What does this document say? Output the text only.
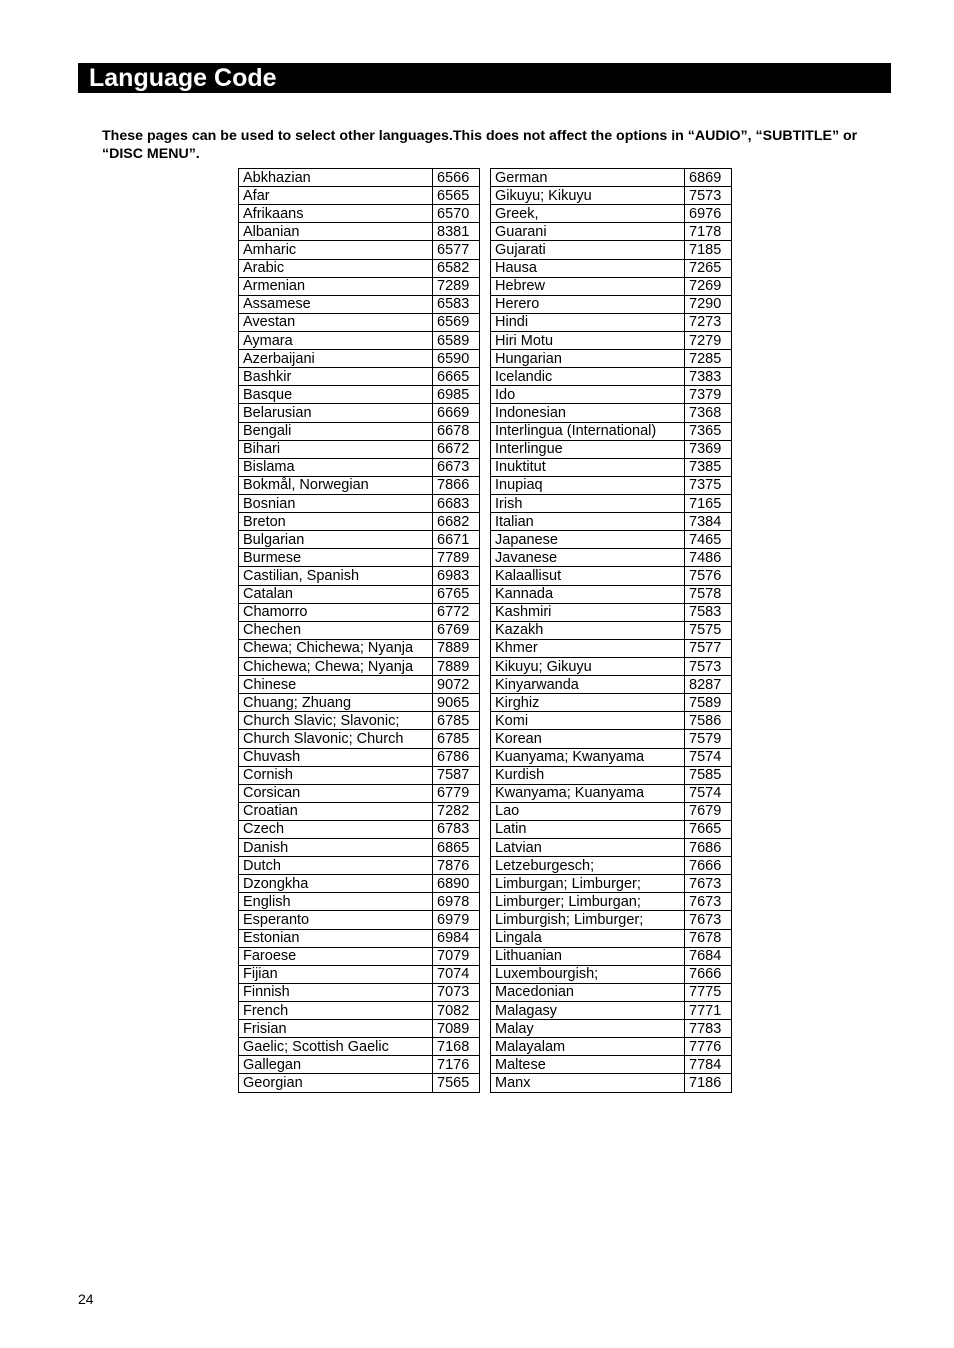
Language Code
These pages can be used to select other languages.This does not affect the options in “AUDIO”, “SUBTITLE” or “DISC MENU”.
Abkhazian	6566
Afar	6565
Afrikaans	6570
Albanian	8381
Amharic	6577
Arabic	6582
Armenian	7289
Assamese	6583
Avestan	6569
Aymara	6589
Azerbaijani	6590
Bashkir	6665
Basque	6985
Belarusian	6669
Bengali	6678
Bihari	6672
Bislama	6673
Bokmål, Norwegian	7866
Bosnian	6683
Breton	6682
Bulgarian	6671
Burmese	7789
Castilian, Spanish	6983
Catalan	6765
Chamorro	6772
Chechen	6769
Chewa; Chichewa; Nyanja	7889
Chichewa; Chewa; Nyanja	7889
Chinese	9072
Chuang; Zhuang	9065
Church Slavic; Slavonic;	6785
Church Slavonic; Church	6785
Chuvash	6786
Cornish	7587
Corsican	6779
Croatian	7282
Czech	6783
Danish	6865
Dutch	7876
Dzongkha	6890
English	6978
Esperanto	6979
Estonian	6984
Faroese	7079
Fijian	7074
Finnish	7073
French	7082
Frisian	7089
Gaelic; Scottish Gaelic	7168
Gallegan	7176
Georgian	7565
German	6869
Gikuyu; Kikuyu	7573
Greek,	6976
Guarani	7178
Gujarati	7185
Hausa	7265
Hebrew	7269
Herero	7290
Hindi	7273
Hiri Motu	7279
Hungarian	7285
Icelandic	7383
Ido	7379
Indonesian	7368
Interlingua (International)	7365
Interlingue	7369
Inuktitut	7385
Inupiaq	7375
Irish	7165
Italian	7384
Japanese	7465
Javanese	7486
Kalaallisut	7576
Kannada	7578
Kashmiri	7583
Kazakh	7575
Khmer	7577
Kikuyu; Gikuyu	7573
Kinyarwanda	8287
Kirghiz	7589
Komi	7586
Korean	7579
Kuanyama; Kwanyama	7574
Kurdish	7585
Kwanyama; Kuanyama	7574
Lao	7679
Latin	7665
Latvian	7686
Letzeburgesch;	7666
Limburgan; Limburger;	7673
Limburger; Limburgan;	7673
Limburgish; Limburger;	7673
Lingala	7678
Lithuanian	7684
Luxembourgish;	7666
Macedonian	7775
Malagasy	7771
Malay	7783
Malayalam	7776
Maltese	7784
Manx	7186
24
